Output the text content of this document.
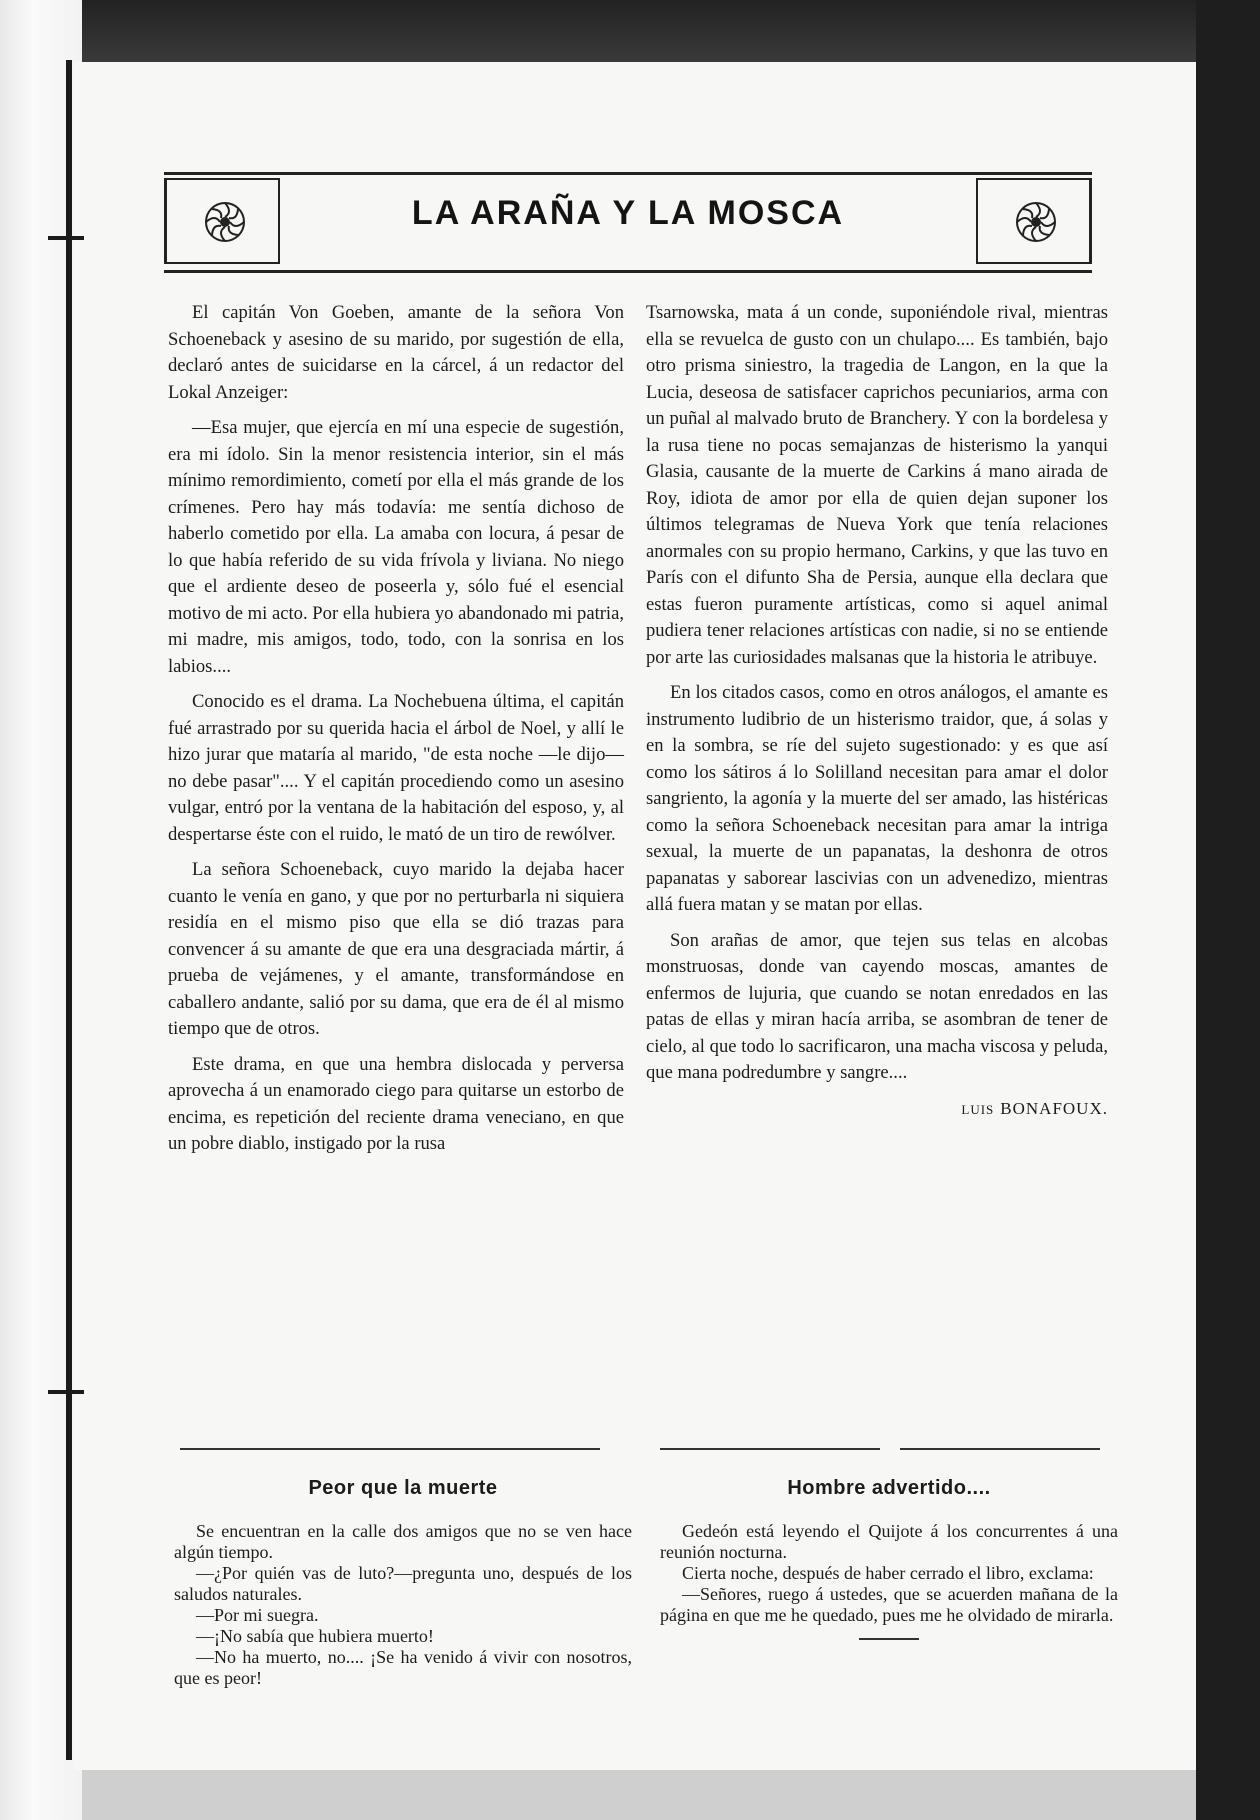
LA ARAÑA Y LA MOSCA

El capitán Von Goeben, amante de la señora Von Schoeneback y asesino de su marido, por sugestión de ella, declaró antes de suicidarse en la cárcel, á un redactor del Lokal Anzeiger:

—Esa mujer, que ejercía en mí una especie de sugestión, era mi ídolo. Sin la menor resistencia interior, sin el más mínimo remordimiento, cometí por ella el más grande de los crímenes. Pero hay más todavía: me sentía dichoso de haberlo cometido por ella. La amaba con locura, á pesar de lo que había referido de su vida frívola y liviana. No niego que el ardiente deseo de poseerla y, sólo fué el esencial motivo de mi acto. Por ella hubiera yo abandonado mi patria, mi madre, mis amigos, todo, todo, con la sonrisa en los labios....

Conocido es el drama. La Nochebuena última, el capitán fué arrastrado por su querida hacia el árbol de Noel, y allí le hizo jurar que mataría al marido, "de esta noche —le dijo— no debe pasar".... Y el capitán procediendo como un asesino vulgar, entró por la ventana de la habitación del esposo, y, al despertarse éste con el ruido, le mató de un tiro de rewólver.

La señora Schoeneback, cuyo marido la dejaba hacer cuanto le venía en gano, y que por no perturbarla ni siquiera residía en el mismo piso que ella se dió trazas para convencer á su amante de que era una desgraciada mártir, á prueba de vejámenes, y el amante, transformándose en caballero andante, salió por su dama, que era de él al mismo tiempo que de otros.

Este drama, en que una hembra dislocada y perversa aprovecha á un enamorado ciego para quitarse un estorbo de encima, es repetición del reciente drama veneciano, en que un pobre diablo, instigado por la rusa

Tsarnowska, mata á un conde, suponiéndole rival, mientras ella se revuelca de gusto con un chulapo.... Es también, bajo otro prisma siniestro, la tragedia de Langon, en la que la Lucia, deseosa de satisfacer caprichos pecuniarios, arma con un puñal al malvado bruto de Branchery. Y con la bordelesa y la rusa tiene no pocas semajanzas de histerismo la yanqui Glasia, causante de la muerte de Carkins á mano airada de Roy, idiota de amor por ella de quien dejan suponer los últimos telegramas de Nueva York que tenía relaciones anormales con su propio hermano, Carkins, y que las tuvo en París con el difunto Sha de Persia, aunque ella declara que estas fueron puramente artísticas, como si aquel animal pudiera tener relaciones artísticas con nadie, si no se entiende por arte las curiosidades malsanas que la historia le atribuye.

En los citados casos, como en otros análogos, el amante es instrumento ludibrio de un histerismo traidor, que, á solas y en la sombra, se ríe del sujeto sugestionado: y es que así como los sátiros á lo Solilland necesitan para amar el dolor sangriento, la agonía y la muerte del ser amado, las histéricas como la señora Schoeneback necesitan para amar la intriga sexual, la muerte de un papanatas, la deshonra de otros papanatas y saborear lascivias con un advenedizo, mientras allá fuera matan y se matan por ellas.

Son arañas de amor, que tejen sus telas en alcobas monstruosas, donde van cayendo moscas, amantes de enfermos de lujuria, que cuando se notan enredados en las patas de ellas y miran hacía arriba, se asombran de tener de cielo, al que todo lo sacrificaron, una macha viscosa y peluda, que mana podredumbre y sangre....

LUIS BONAFOUX.

Peor que la muerte

Se encuentran en la calle dos amigos que no se ven hace algún tiempo.

—¿Por quién vas de luto?—pregunta uno, después de los saludos naturales.

—Por mi suegra.

—¡No sabía que hubiera muerto!

—No ha muerto, no.... ¡Se ha venido á vivir con nosotros, que es peor!

Hombre advertido....

Gedeón está leyendo el Quijote á los concurrentes á una reunión nocturna.

Cierta noche, después de haber cerrado el libro, exclama:

—Señores, ruego á ustedes, que se acuerden mañana de la página en que me he quedado, pues me he olvidado de mirarla.
